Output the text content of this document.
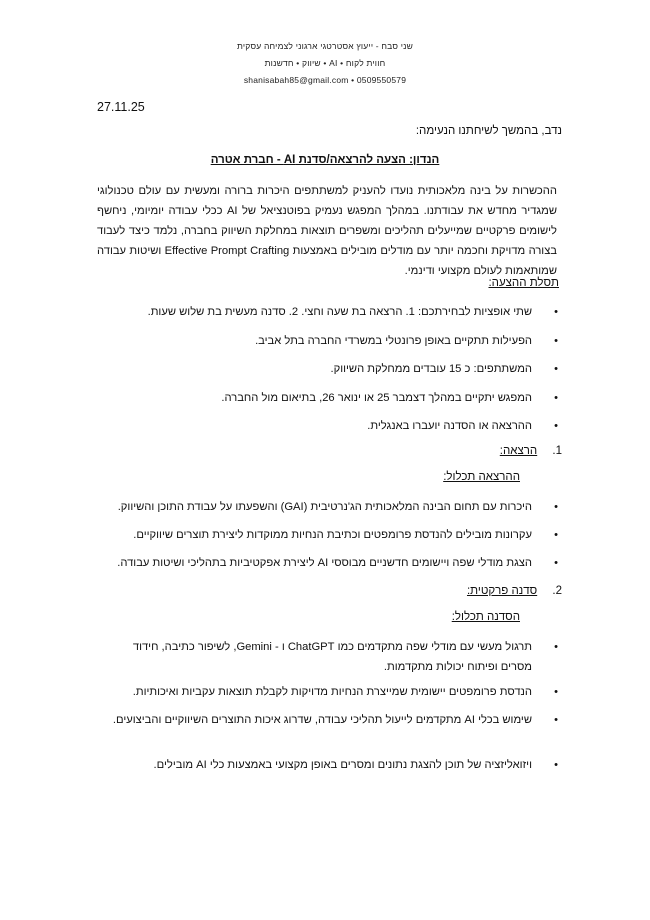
שני סבח - ייעוץ אסטרטגי ארגוני לצמיחה עסקית
חווית לקוח • AI • שיווק • חדשנות
shanisabah85@gmail.com • 0509550579
27.11.25
נדב, בהמשך לשיחתנו הנעימה:
הנדון: הצעה להרצאה/סדנת AI - חברת אטרה
ההכשרות על בינה מלאכותית נועדו להעניק למשתתפים היכרות ברורה ומעשית עם עולם טכנולוגי שמגדיר מחדש את עבודתנו. במהלך המפגש נעמיק בפוטנציאל של AI ככלי עבודה יומיומי, ניחשף לישומים פרקטיים שמייעלים תהליכים ומשפרים תוצאות במחלקת השיווק בחברה, נלמד כיצד לעבוד בצורה מדויקת וחכמה יותר עם מודלים מובילים באמצעות Effective Prompt Crafting ושיטות עבודה שמותאמות לעולם מקצועי ודינמי.
תסלת ההצעה:
•
שתי אופציות לבחירתכם: 1. הרצאה בת שעה וחצי. 2. סדנה מעשית בת שלוש שעות.
•
הפעילות תתקיים באופן פרונטלי במשרדי החברה בתל אביב.
•
המשתתפים: כ 15 עובדים ממחלקת השיווק.
•
המפגש יתקיים במהלך דצמבר 25 או ינואר 26, בתיאום מול החברה.
•
ההרצאה או הסדנה יועברו באנגלית.
1. הרצאה:
ההרצאה תכלול:
•
היכרות עם תחום הבינה המלאכותית הג'נרטיבית (GAI) והשפעתו על עבודת התוכן והשיווק.
•
עקרונות מובילים להנדסת פרומפטים וכתיבת הנחיות ממוקדות ליצירת תוצרים שיווקיים.
•
הצגת מודלי שפה ויישומים חדשניים מבוססי AI ליצירת אפקטיביות בתהליכי ושיטות עבודה.
2. סדנה פרקטית:
הסדנה תכלול:
•
תרגול מעשי עם מודלי שפה מתקדמים כמו ChatGPT ו - Gemini, לשיפור כתיבה, חידוד מסרים ופיתוח יכולות מתקדמות.
•
הנדסת פרומפטים יישומית שמייצרת הנחיות מדויקות לקבלת תוצאות עקביות ואיכותיות.
•
שימוש בכלי AI מתקדמים לייעול תהליכי עבודה, שדרוג איכות התוצרים השיווקיים והביצועים.
•
ויזואליזציה של תוכן להצגת נתונים ומסרים באופן מקצועי באמצעות כלי AI מובילים.
